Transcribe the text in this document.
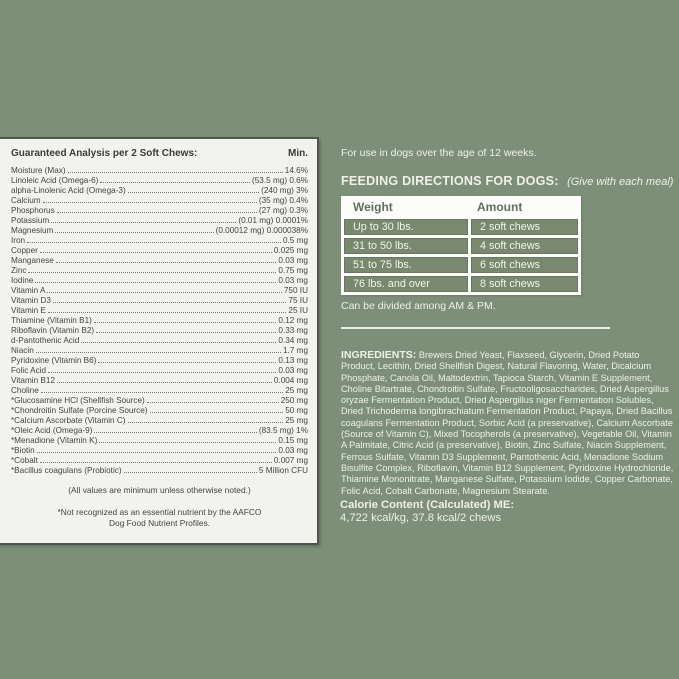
Guaranteed Analysis per 2 Soft Chews:	Min.
Moisture (Max)	14.6%
Linoleic Acid (Omega-6)	(53.5 mg) 0.6%
alpha-Linolenic Acid (Omega-3)	(240 mg) 3%
Calcium	(35 mg) 0.4%
Phosphorus	(27 mg) 0.3%
Potassium	(0.01 mg) 0.0001%
Magnesium	(0.00012 mg) 0.000038%
Iron	0.5 mg
Copper	0.025 mg
Manganese	0.03 mg
Zinc	0.75 mg
Iodine	0.03 mg
Vitamin A	750 IU
Vitamin D3	75 IU
Vitamin E	25 IU
Thiamine (Vitamin B1)	0.12 mg
Riboflavin (Vitamin B2)	0.33 mg
d-Pantothenic Acid	0.34 mg
Niacin	1.7 mg
Pyridoxine (Vitamin B6)	0.13 mg
Folic Acid	0.03 mg
Vitamin B12	0.004 mg
Choline	25 mg
*Glucosamine HCl (Shellfish Source)	250 mg
*Chondroitin Sulfate (Porcine Source)	50 mg
*Calcium Ascorbate (Vitamin C)	25 mg
*Oleic Acid (Omega-9)	(83.5 mg) 1%
*Menadione (Vitamin K)	0.15 mg
*Biotin	0.03 mg
*Cobalt	0.007 mg
*Bacillus coagulans (Probiotic)	5 Million CFU
(All values are minimum unless otherwise noted.)
*Not recognized as an essential nutrient by the AAFCO
Dog Food Nutrient Profiles.
For use in dogs over the age of 12 weeks.
FEEDING DIRECTIONS FOR DOGS: (Give with each meal)
Weight	Amount
Up to 30 lbs.	2 soft chews
31 to 50 lbs.	4 soft chews
51 to 75 lbs.	6 soft chews
76 lbs. and over	8 soft chews
Can be divided among AM & PM.
INGREDIENTS: Brewers Dried Yeast, Flaxseed, Glycerin, Dried Potato Product, Lecithin, Dried Shellfish Digest, Natural Flavoring, Water, Dicalcium Phosphate, Canola Oil, Maltodextrin, Tapioca Starch, Vitamin E Supplement, Choline Bitartrate, Chondroitin Sulfate, Fructooligosaccharides, Dried Aspergillus oryzae Fermentation Product, Dried Aspergillus niger Fermentation Solubles, Dried Trichoderma longibrachiatum Fermentation Product, Papaya, Dried Bacillus coagulans Fermentation Product, Sorbic Acid (a preservative), Calcium Ascorbate (Source of Vitamin C), Mixed Tocopherols (a preservative), Vegetable Oil, Vitamin A Palmitate, Citric Acid (a preservative), Biotin, Zinc Sulfate, Niacin Supplement, Ferrous Sulfate, Vitamin D3 Supplement, Pantothenic Acid, Menadione Sodium Bisulfite Complex, Riboflavin, Vitamin B12 Supplement, Pyridoxine Hydrochloride, Thiamine Mononitrate, Manganese Sulfate, Potassium Iodide, Copper Carbonate, Folic Acid, Cobalt Carbonate, Magnesium Stearate.
Calorie Content (Calculated) ME:
4,722 kcal/kg, 37.8 kcal/2 chews
